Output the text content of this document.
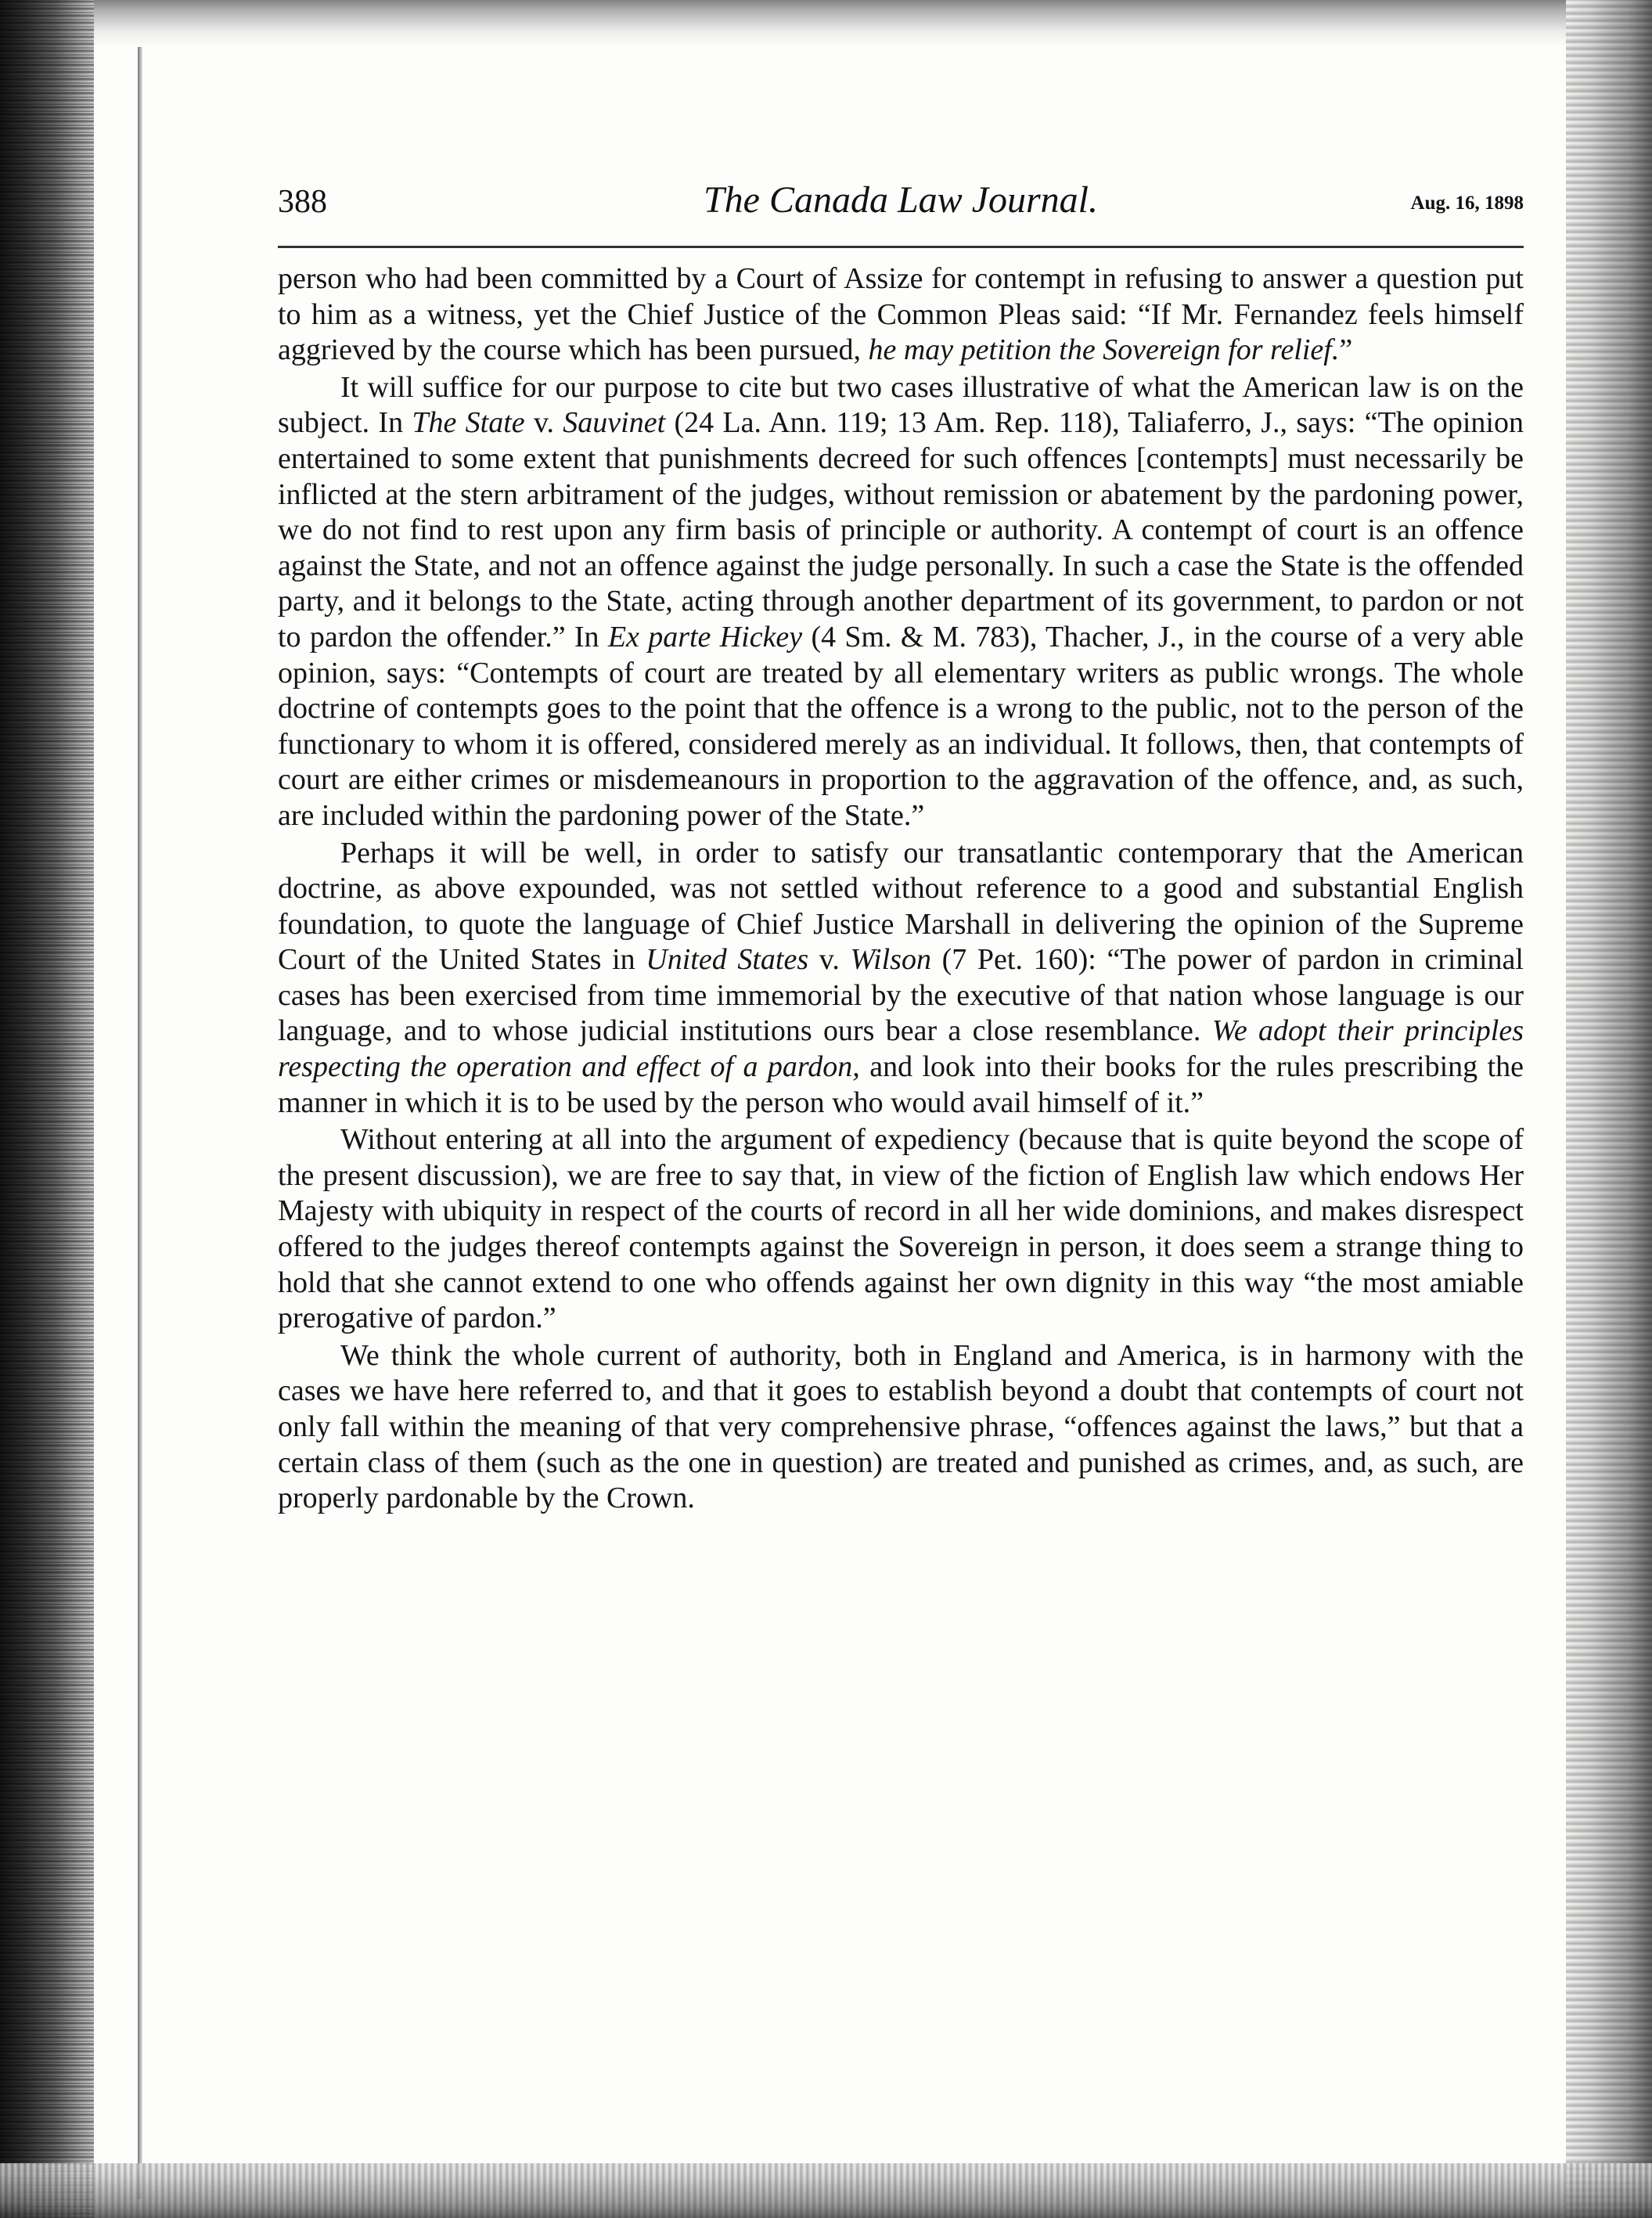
388	The Canada Law Journal.	Aug. 16, 1898

person who had been committed by a Court of Assize for contempt in refusing to answer a question put to him as a witness, yet the Chief Justice of the Common Pleas said: “If Mr. Fernandez feels himself aggrieved by the course which has been pursued, he may petition the Sovereign for relief.”

It will suffice for our purpose to cite but two cases illustrative of what the American law is on the subject. In The State v. Sauvinet (24 La. Ann. 119; 13 Am. Rep. 118), Taliaferro, J., says: “The opinion entertained to some extent that punishments decreed for such offences [contempts] must necessarily be inflicted at the stern arbitrament of the judges, without remission or abatement by the pardoning power, we do not find to rest upon any firm basis of principle or authority. A contempt of court is an offence against the State, and not an offence against the judge personally. In such a case the State is the offended party, and it belongs to the State, acting through another department of its government, to pardon or not to pardon the offender.” In Ex parte Hickey (4 Sm. & M. 783), Thacher, J., in the course of a very able opinion, says: “Contempts of court are treated by all elementary writers as public wrongs. The whole doctrine of contempts goes to the point that the offence is a wrong to the public, not to the person of the functionary to whom it is offered, considered merely as an individual. It follows, then, that contempts of court are either crimes or misdemeanours in proportion to the aggravation of the offence, and, as such, are included within the pardoning power of the State.”

Perhaps it will be well, in order to satisfy our transatlantic contemporary that the American doctrine, as above expounded, was not settled without reference to a good and substantial English foundation, to quote the language of Chief Justice Marshall in delivering the opinion of the Supreme Court of the United States in United States v. Wilson (7 Pet. 160): “The power of pardon in criminal cases has been exercised from time immemorial by the executive of that nation whose language is our language, and to whose judicial institutions ours bear a close resemblance. We adopt their principles respecting the operation and effect of a pardon, and look into their books for the rules prescribing the manner in which it is to be used by the person who would avail himself of it.”

Without entering at all into the argument of expediency (because that is quite beyond the scope of the present discussion), we are free to say that, in view of the fiction of English law which endows Her Majesty with ubiquity in respect of the courts of record in all her wide dominions, and makes disrespect offered to the judges thereof contempts against the Sovereign in person, it does seem a strange thing to hold that she cannot extend to one who offends against her own dignity in this way “the most amiable prerogative of pardon.”

We think the whole current of authority, both in England and America, is in harmony with the cases we have here referred to, and that it goes to establish beyond a doubt that contempts of court not only fall within the meaning of that very comprehensive phrase, “offences against the laws,” but that a certain class of them (such as the one in question) are treated and punished as crimes, and, as such, are properly pardonable by the Crown.
